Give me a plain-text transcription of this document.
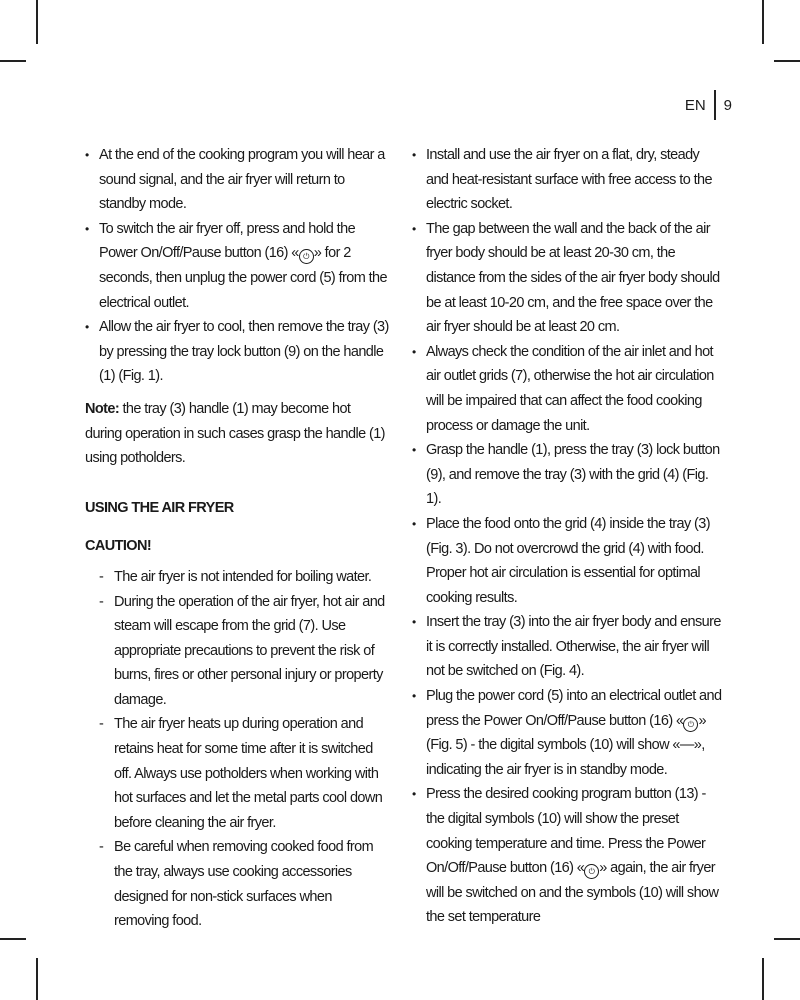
EN 9
• At the end of the cooking program you will hear a sound signal, and the air fryer will return to standby mode.
• To switch the air fryer off, press and hold the Power On/Off/Pause button (16) « ⏻ » for 2 seconds, then unplug the power cord (5) from the electrical outlet.
• Allow the air fryer to cool, then remove the tray (3) by pressing the tray lock button (9) on the handle (1) (Fig. 1).

Note: the tray (3) handle (1) may become hot during operation in such cases grasp the handle (1) using potholders.

USING THE AIR FRYER
CAUTION!
- The air fryer is not intended for boiling water.
- During the operation of the air fryer, hot air and steam will escape from the grid (7). Use appropriate precautions to prevent the risk of burns, fires or other personal injury or property damage.
- The air fryer heats up during operation and retains heat for some time after it is switched off. Always use potholders when working with hot surfaces and let the metal parts cool down before cleaning the air fryer.
- Be careful when removing cooked food from the tray, always use cooking accessories designed for non-stick surfaces when removing food.
• Install and use the air fryer on a flat, dry, steady and heat-resistant surface with free access to the electric socket.
• The gap between the wall and the back of the air fryer body should be at least 20-30 cm, the distance from the sides of the air fryer body should be at least 10-20 cm, and the free space over the air fryer should be at least 20 cm.
• Always check the condition of the air inlet and hot air outlet grids (7), otherwise the hot air circulation will be impaired that can affect the food cooking process or damage the unit.
• Grasp the handle (1), press the tray (3) lock button (9), and remove the tray (3) with the grid (4) (Fig. 1).
• Place the food onto the grid (4) inside the tray (3) (Fig. 3). Do not overcrowd the grid (4) with food. Proper hot air circulation is essential for optimal cooking results.
• Insert the tray (3) into the air fryer body and ensure it is correctly installed. Otherwise, the air fryer will not be switched on (Fig. 4).
• Plug the power cord (5) into an electrical outlet and press the Power On/Off/Pause button (16) « ⏻ » (Fig. 5) - the digital symbols (10) will show «—», indicating the air fryer is in standby mode.
• Press the desired cooking program button (13) - the digital symbols (10) will show the preset cooking temperature and time. Press the Power On/Off/Pause button (16) « ⏻ » again, the air fryer will be switched on and the symbols (10) will show the set temperature
